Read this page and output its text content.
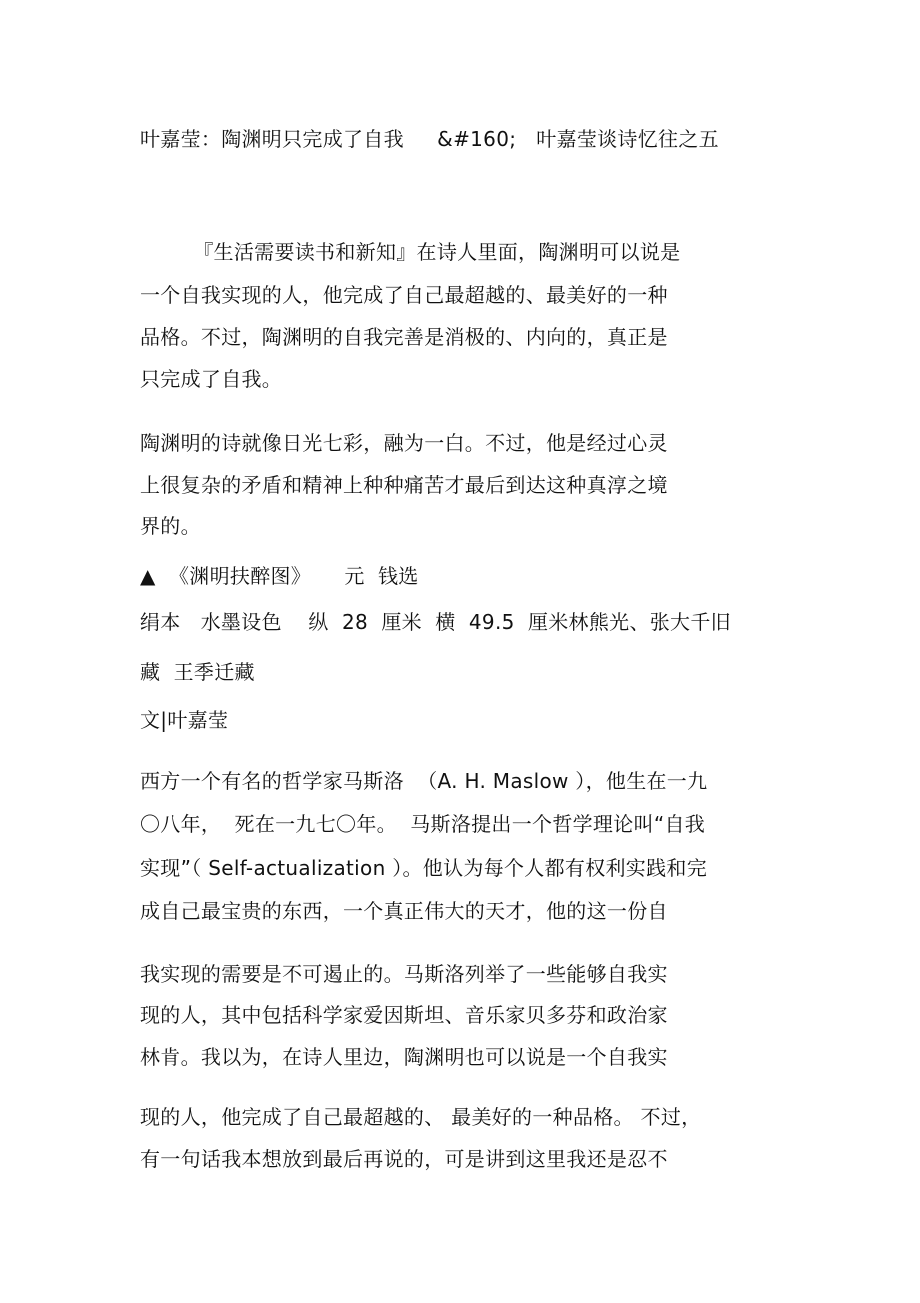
叶嘉莹：陶渊明只完成了自我     &#160;   叶嘉莹谈诗忆往之五
『生活需要读书和新知』在诗人里面，陶渊明可以说是
一个自我实现的人，他完成了自己最超越的、最美好的一种
品格。不过，陶渊明的自我完善是消极的、内向的，真正是
只完成了自我。
陶渊明的诗就像日光七彩，融为一白。不过，他是经过心灵
上很复杂的矛盾和精神上种种痛苦才最后到达这种真淳之境
界的。
▲  《渊明扶醉图》     元  钱选
绢本   水墨设色    纵  28  厘米  横  49.5  厘米林熊光、张大千旧
藏  王季迁藏
文|叶嘉莹
西方一个有名的哲学家马斯洛  （A. H. Maslow ），他生在一九
〇八年，  死在一九七〇年。  马斯洛提出一个哲学理论叫“自我
实现”（ Self-actualization ）。他认为每个人都有权利实践和完
成自己最宝贵的东西，一个真正伟大的天才，他的这一份自
我实现的需要是不可遏止的。马斯洛列举了一些能够自我实
现的人，其中包括科学家爱因斯坦、音乐家贝多芬和政治家
林肯。我以为，在诗人里边，陶渊明也可以说是一个自我实
现的人，他完成了自己最超越的、 最美好的一种品格。 不过，
有一句话我本想放到最后再说的，可是讲到这里我还是忍不
